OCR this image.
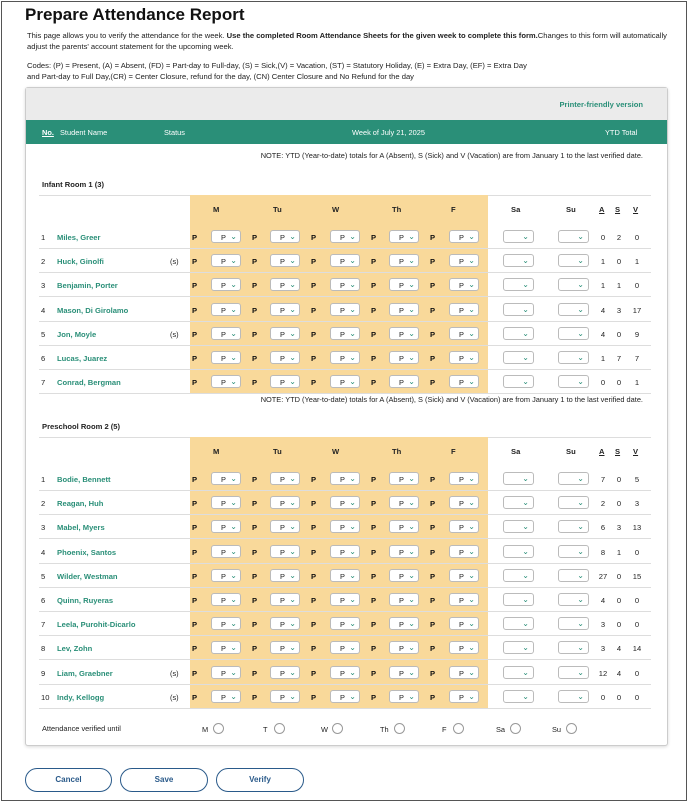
Prepare Attendance Report
This page allows you to verify the attendance for the week. Use the completed Room Attendance Sheets for the given week to complete this form.Changes to this form will automatically adjust the parents' account statement for the upcoming week.
Codes: (P) = Present, (A) = Absent, (FD) = Part-day to Full-day, (S) = Sick,(V) = Vacation, (ST) = Statutory Holiday, (E) = Extra Day, (EF) = Extra Day
and Part-day to Full Day,(CR) = Center Closure, refund for the day, (CN) Center Closure and No Refund for the day
Printer-friendly version
No. Student Name	Status	Week of July 21, 2025	YTD Total
NOTE: YTD (Year-to-date) totals for A (Absent), S (Sick) and V (Vacation) are from January 1 to the last verified date.
Infant Room 1 (3)
M	Tu	W	Th	F	Sa	Su	A S V
1 Miles, Greer	P	P ⌄ P	P ⌄ P	P ⌄ P	P ⌄ P	P ⌄	⌄	⌄	0	2	0
2 Huck, Ginolfi	(s) P	P ⌄ P	P ⌄ P	P ⌄ P	P ⌄ P	P ⌄	⌄	⌄	1	0	1
3 Benjamin, Porter	P	P ⌄ P	P ⌄ P	P ⌄ P	P ⌄ P	P ⌄	⌄	⌄	1	1	0
4 Mason, Di Girolamo	P	P ⌄ P	P ⌄ P	P ⌄ P	P ⌄ P	P ⌄	⌄	⌄	4	3	17
5 Jon, Moyle	(s) P	P ⌄ P	P ⌄ P	P ⌄ P	P ⌄ P	P ⌄	⌄	⌄	4	0	9
6 Lucas, Juarez	P	P ⌄ P	P ⌄ P	P ⌄ P	P ⌄ P	P ⌄	⌄	⌄	1	7	7
7 Conrad, Bergman	P	P ⌄ P	P ⌄ P	P ⌄ P	P ⌄ P	P ⌄	⌄	⌄	0	0	1
NOTE: YTD (Year-to-date) totals for A (Absent), S (Sick) and V (Vacation) are from January 1 to the last verified date.
Preschool Room 2 (5)
M	Tu	W	Th	F	Sa	Su	A S V
1 Bodie, Bennett	P	P ⌄ P	P ⌄ P	P ⌄ P	P ⌄ P	P ⌄	⌄	⌄	7	0	5
2 Reagan, Huh	P	P ⌄ P	P ⌄ P	P ⌄ P	P ⌄ P	P ⌄	⌄	⌄	2	0	3
3 Mabel, Myers	P	P ⌄ P	P ⌄ P	P ⌄ P	P ⌄ P	P ⌄	⌄	⌄	6	3	13
4 Phoenix, Santos	P	P ⌄ P	P ⌄ P	P ⌄ P	P ⌄ P	P ⌄	⌄	⌄	8	1	0
5 Wilder, Westman	P	P ⌄ P	P ⌄ P	P ⌄ P	P ⌄ P	P ⌄	⌄	⌄	27	0	15
6 Quinn, Ruyeras	P	P ⌄ P	P ⌄ P	P ⌄ P	P ⌄ P	P ⌄	⌄	⌄	4	0	0
7 Leela, Purohit-Dicarlo	P	P ⌄ P	P ⌄ P	P ⌄ P	P ⌄ P	P ⌄	⌄	⌄	3	0	0
8 Lev, Zohn	P	P ⌄ P	P ⌄ P	P ⌄ P	P ⌄ P	P ⌄	⌄	⌄	3	4	14
9 Liam, Graebner	(s) P	P ⌄ P	P ⌄ P	P ⌄ P	P ⌄ P	P ⌄	⌄	⌄	12	4	0
10 Indy, Kellogg	(s) P	P ⌄ P	P ⌄ P	P ⌄ P	P ⌄ P	P ⌄	⌄	⌄	0	0	0
Attendance verified until	M	T	W	Th	F	Sa	Su
Cancel	Save	Verify
